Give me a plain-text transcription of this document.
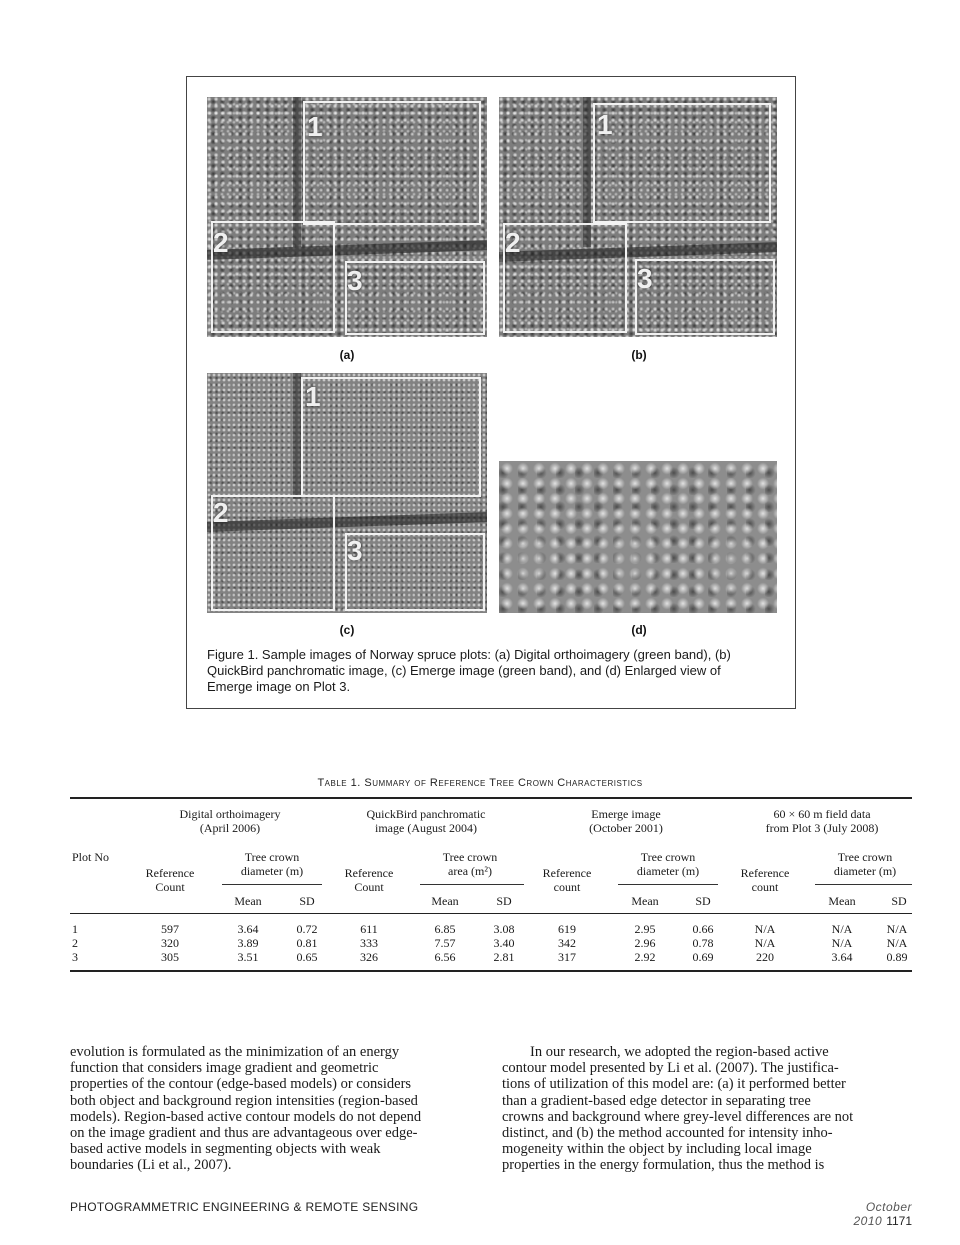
1
2
3
(a)
1
2
3
(b)
1
2
3
(c)	(d)
Figure 1. Sample images of Norway spruce plots: (a) Digital orthoimagery (green band), (b) QuickBird panchromatic image, (c) Emerge image (green band), and (d) Enlarged view of Emerge image on Plot 3.
Table 1. Summary of Reference Tree Crown Characteristics
Digital orthoimagery
(April 2006)
QuickBird panchromatic
image (August 2004)
Emerge image
(October 2001)
60 × 60 m field data
from Plot 3 (July 2008)
Plot No
Reference
Count
Reference
Count
Reference
count
Reference
count
Tree crown
diameter (m)
Tree crown
area (m²)
Tree crown
diameter (m)
Tree crown
diameter (m)
Mean	SD	Mean	SD	Mean	SD	Mean	SD
1	597	3.64	0.72	611	6.85	3.08	619	2.95	0.66	N/A	N/A	N/A
2	320	3.89	0.81	333	7.57	3.40	342	2.96	0.78	N/A	N/A	N/A
3	305	3.51	0.65	326	6.56	2.81	317	2.92	0.69	220	3.64	0.89

evolution is formulated as the minimization of an energy

function that considers image gradient and geometric

properties of the contour (edge-based models) or considers

both object and background region intensities (region-based

models). Region-based active contour models do not depend

on the image gradient and thus are advantageous over edge-

based active models in segmenting objects with weak

boundaries (Li et al., 2007).

In our research, we adopted the region-based active

contour model presented by Li et al. (2007). The justifica-

tions of utilization of this model are: (a) it performed better

than a gradient-based edge detector in separating tree

crowns and background where grey-level differences are not

distinct, and (b) the method accounted for intensity inho-

mogeneity within the object by including local image

properties in the energy formulation, thus the method is

PHOTOGRAMMETRIC ENGINEERING & REMOTE SENSING	October 2010 1171
